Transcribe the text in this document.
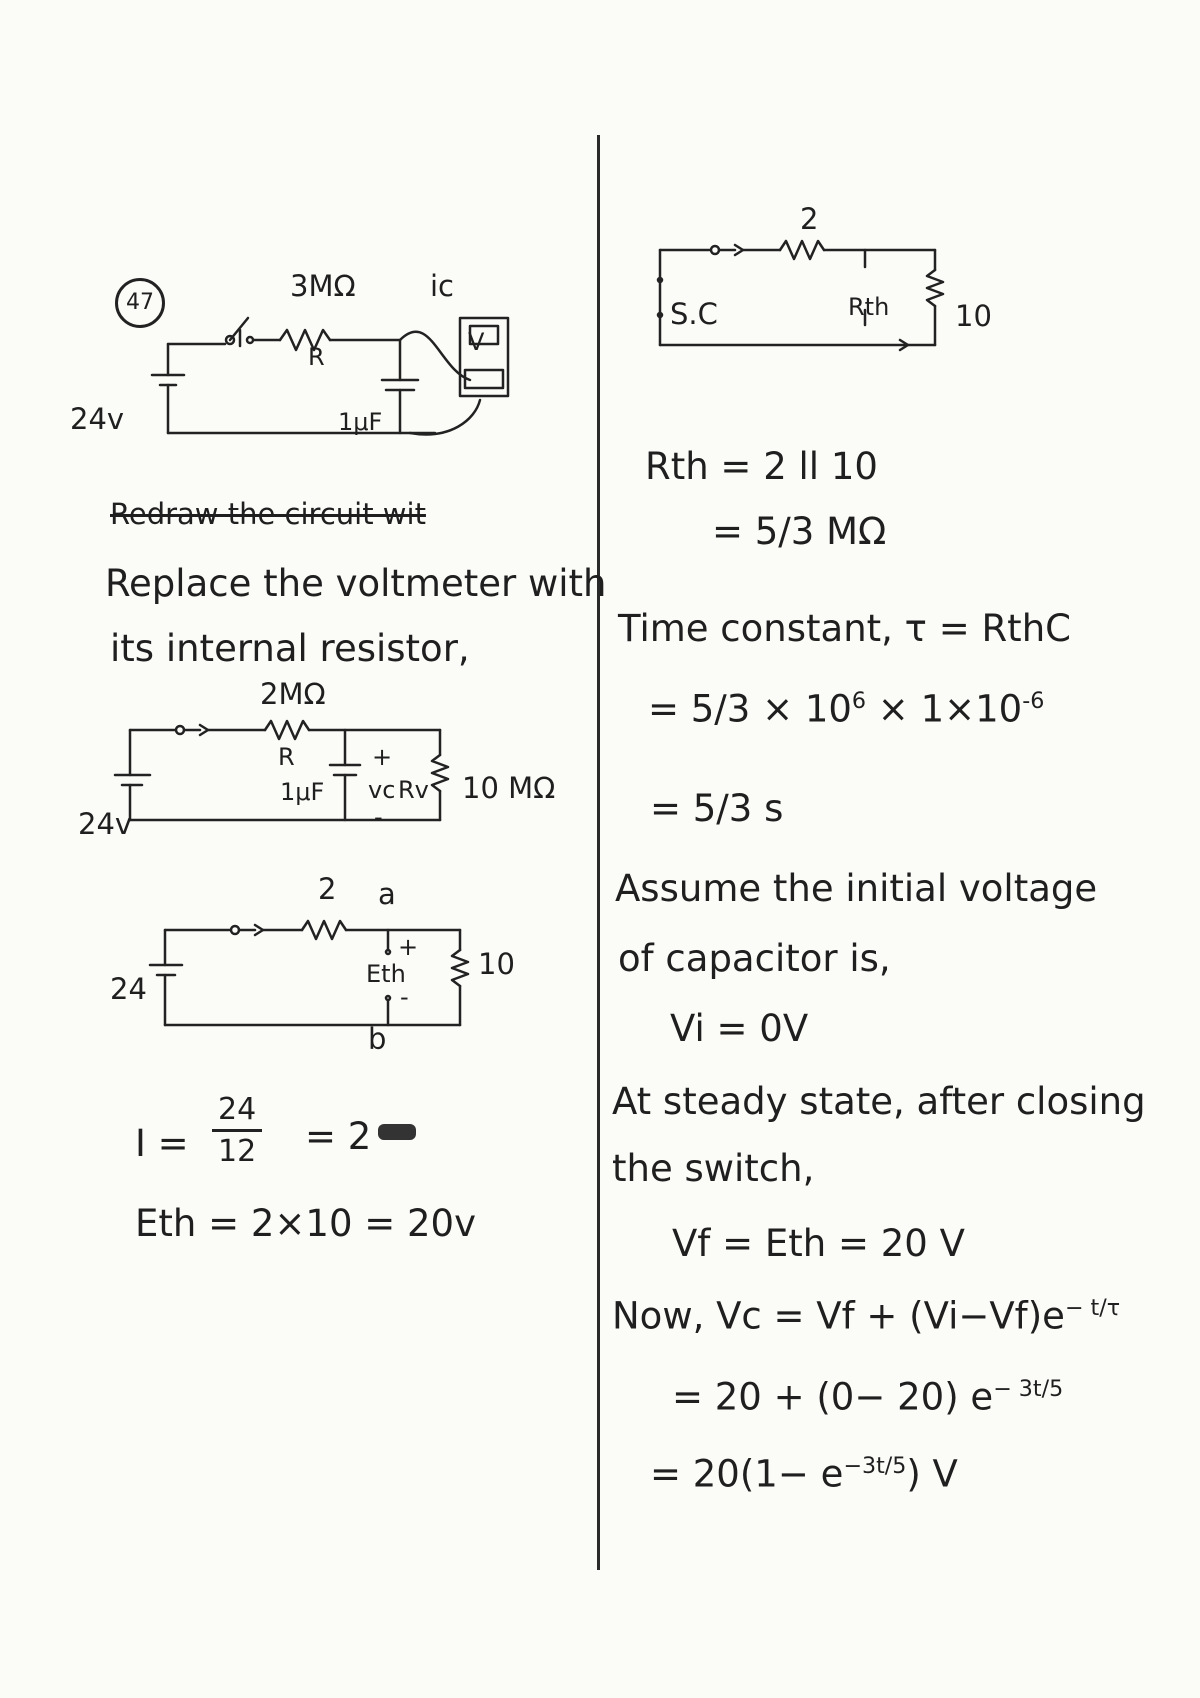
47	3MΩ	ic
R
24v	1μF
V
Redraw the circuit wit
Replace the voltmeter with
its internal resistor,
2MΩ
R
1μF
+
vc
-
Rv 10 MΩ
24v
2 a
+
Eth
-
b
10
24
$I = \frac{24}{12} = 2$
Eth = 2×10 = 20v
2
S.C	Rth 10
Rth = 2 ll 10
= 5/3 MΩ
Time constant, τ = RthC
= $5/3 \times 10^6 \times 1\times 10^{-6}$
= 5/3 s
Assume the initial voltage
of capacitor is,
Vi = 0V
At steady state, after closing
the switch,
Vf = Eth = 20 V
Now, $Vc = Vf + (Vi-Vf)e^{- t/\tau}$
= 20 + (0− 20) $e^{- 3t/5}$
= $20(1- e^{-3t/5})$ V
